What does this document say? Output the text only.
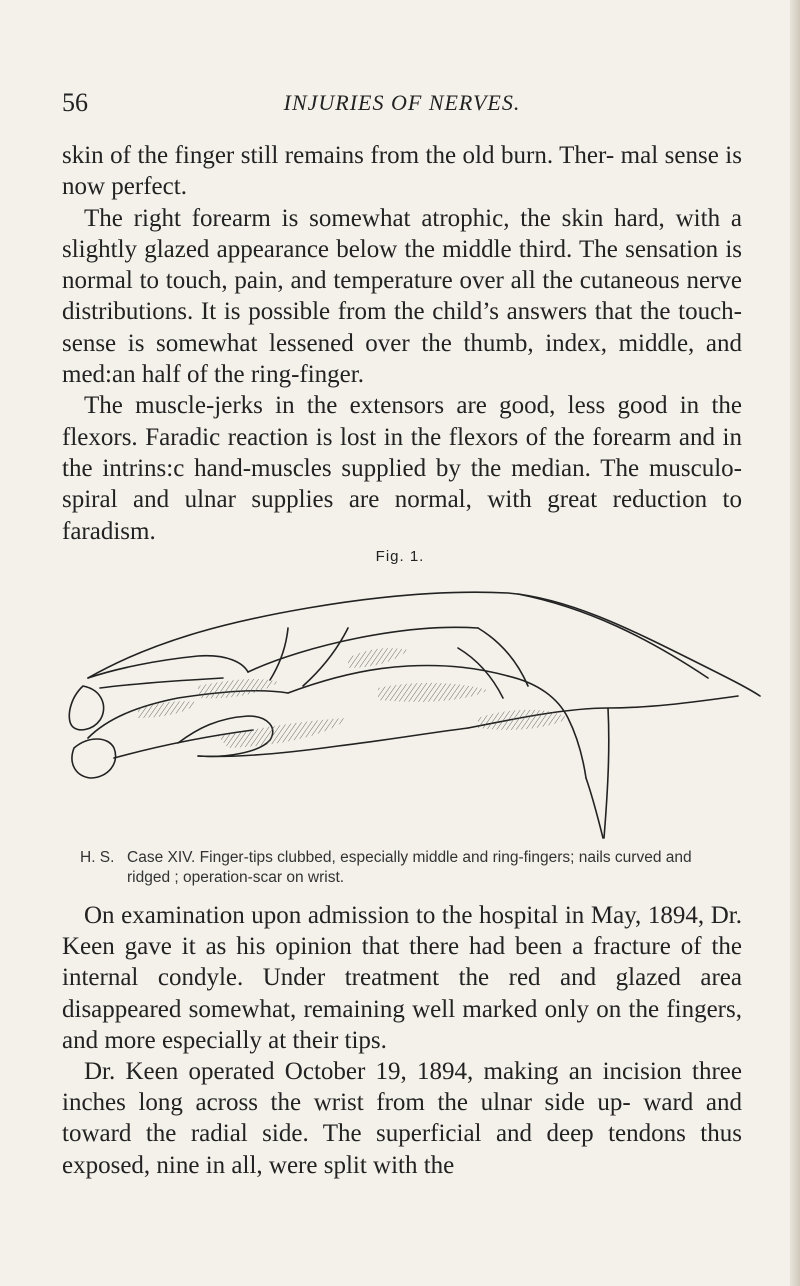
56	INJURIES OF NERVES.

skin of the finger still remains from the old burn. Ther- mal sense is now perfect.

The right forearm is somewhat atrophic, the skin hard, with a slightly glazed appearance below the middle third. The sensation is normal to touch, pain, and temperature over all the cutaneous nerve distributions. It is possible from the child’s answers that the touch-sense is somewhat lessened over the thumb, index, middle, and med:an half of the ring-finger.

The muscle-jerks in the extensors are good, less good in the flexors. Faradic reaction is lost in the flexors of the forearm and in the intrins:c hand-muscles supplied by the median. The musculo-spiral and ulnar supplies are normal, with great reduction to faradism.

Fig. 1.
H. S. Case XIV. Finger-tips clubbed, especially middle and ring-fingers; nails curved and ridged ; operation-scar on wrist.

On examination upon admission to the hospital in May, 1894, Dr. Keen gave it as his opinion that there had been a fracture of the internal condyle. Under treatment the red and glazed area disappeared somewhat, remaining well marked only on the fingers, and more especially at their tips.

Dr. Keen operated October 19, 1894, making an incision three inches long across the wrist from the ulnar side up- ward and toward the radial side. The superficial and deep tendons thus exposed, nine in all, were split with the
